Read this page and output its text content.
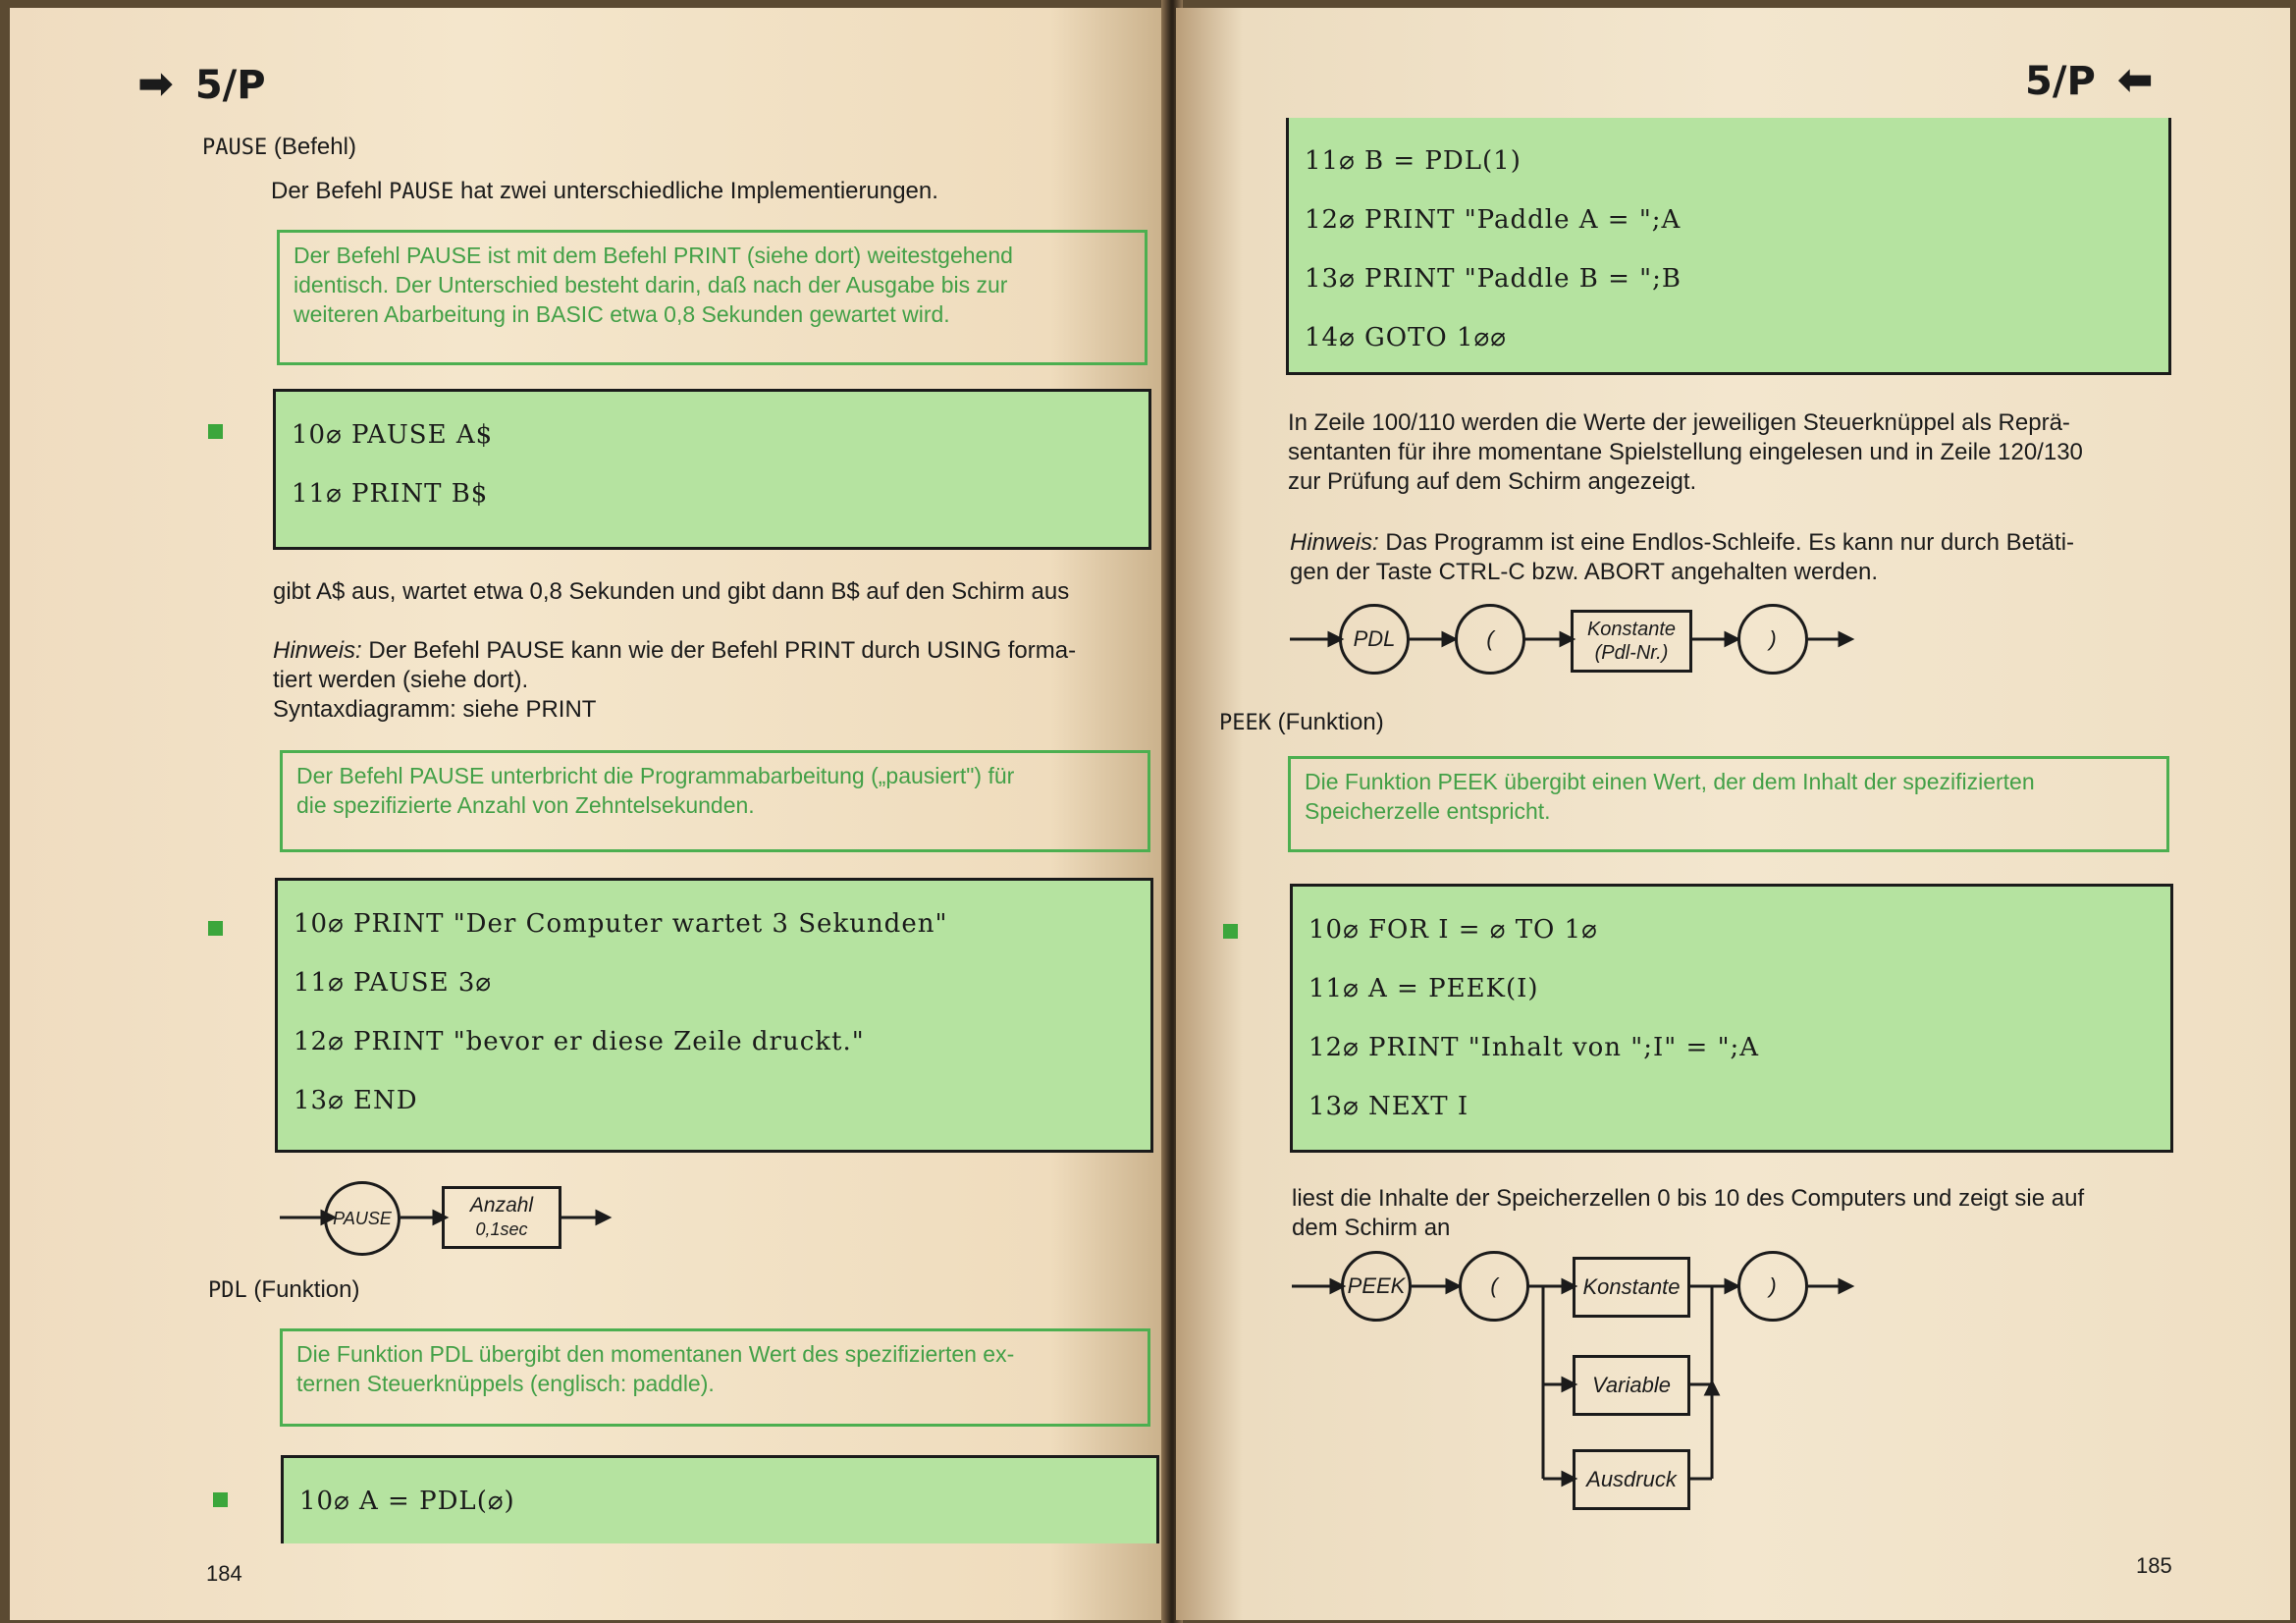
➡ 5/P
PAUSE (Befehl)
Der Befehl PAUSE hat zwei unterschiedliche Implementierungen.
Der Befehl PAUSE ist mit dem Befehl PRINT (siehe dort) weitestgehend
identisch. Der Unterschied besteht darin, daß nach der Ausgabe bis zur
weiteren Abarbeitung in BASIC etwa 0,8 Sekunden gewartet wird.
10⌀ PAUSE A$
11⌀ PRINT B$
gibt A$ aus, wartet etwa 0,8 Sekunden und gibt dann B$ auf den Schirm aus
Hinweis: Der Befehl PAUSE kann wie der Befehl PRINT durch USING forma-
tiert werden (siehe dort).
Syntaxdiagramm: siehe PRINT
Der Befehl PAUSE unterbricht die Programmabarbeitung („pausiert") für
die spezifizierte Anzahl von Zehntelsekunden.
10⌀ PRINT "Der Computer wartet 3 Sekunden"
11⌀ PAUSE 3⌀
12⌀ PRINT "bevor er diese Zeile druckt."
13⌀ END
PAUSE
Anzahl
0,1sec
PDL (Funktion)
Die Funktion PDL übergibt den momentanen Wert des spezifizierten ex-
ternen Steuerknüppels (englisch: paddle).
10⌀ A = PDL(⌀)
184
5/P ⬅
11⌀ B = PDL(1)
12⌀ PRINT "Paddle A = ";A
13⌀ PRINT "Paddle B = ";B
14⌀ GOTO 1⌀⌀
In Zeile 100/110 werden die Werte der jeweiligen Steuerknüppel als Reprä-
sentanten für ihre momentane Spielstellung eingelesen und in Zeile 120/130
zur Prüfung auf dem Schirm angezeigt.
Hinweis: Das Programm ist eine Endlos-Schleife. Es kann nur durch Betäti-
gen der Taste CTRL-C bzw. ABORT angehalten werden.
PDL	(	Konstante
(Pdl-Nr.)
)
PEEK (Funktion)
Die Funktion PEEK übergibt einen Wert, der dem Inhalt der spezifizierten
Speicherzelle entspricht.
10⌀ FOR I = ⌀ TO 1⌀
11⌀ A = PEEK(I)
12⌀ PRINT "Inhalt von ";I" = ";A
13⌀ NEXT I
liest die Inhalte der Speicherzellen 0 bis 10 des Computers und zeigt sie auf
dem Schirm an
PEEK	(	Konstante
Variable
Ausdruck
)
185
